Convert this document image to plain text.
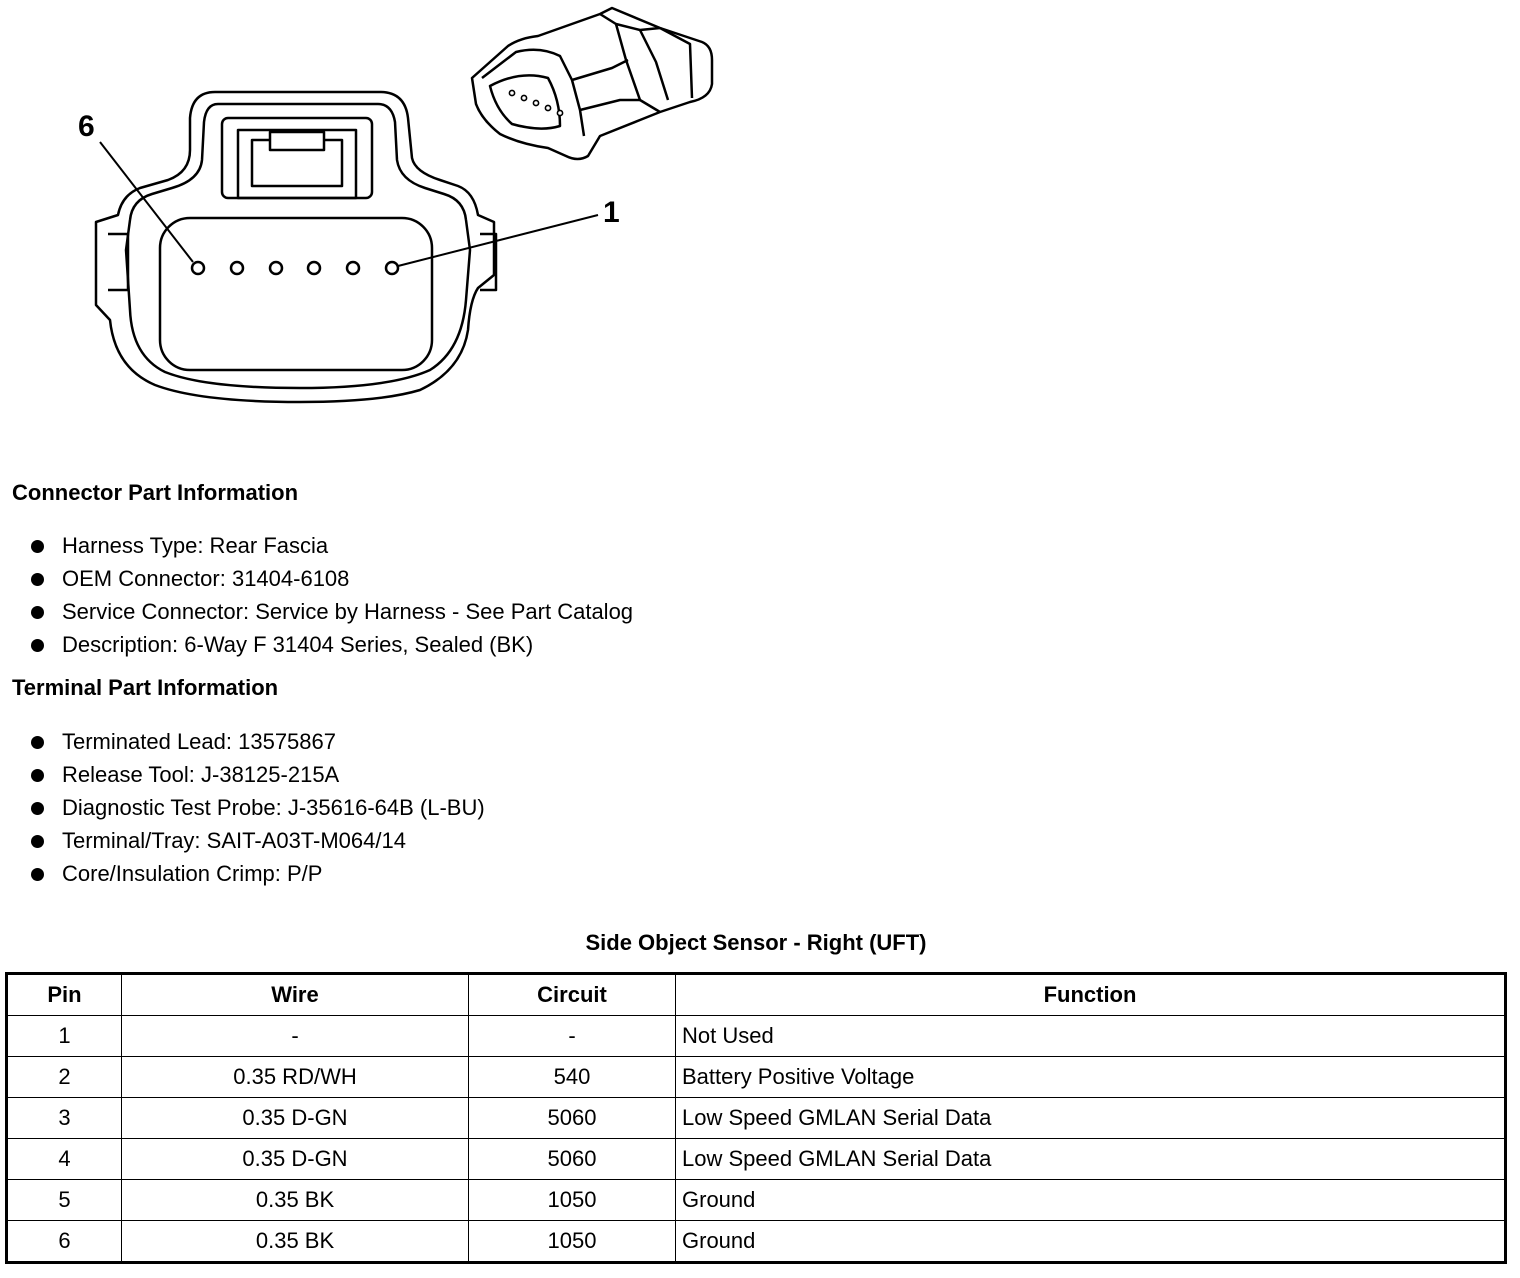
6
1
Connector Part Information
Harness Type: Rear Fascia
OEM Connector: 31404-6108
Service Connector: Service by Harness - See Part Catalog
Description: 6-Way F 31404 Series, Sealed (BK)
Terminal Part Information
Terminated Lead: 13575867
Release Tool: J-38125-215A
Diagnostic Test Probe: J-35616-64B (L-BU)
Terminal/Tray: SAIT-A03T-M064/14
Core/Insulation Crimp: P/P
Side Object Sensor - Right (UFT)
Pin	Wire	Circuit	Function
1	-	-	Not Used
2	0.35 RD/WH	540	Battery Positive Voltage
3	0.35 D-GN	5060	Low Speed GMLAN Serial Data
4	0.35 D-GN	5060	Low Speed GMLAN Serial Data
5	0.35 BK	1050	Ground
6	0.35 BK	1050	Ground
